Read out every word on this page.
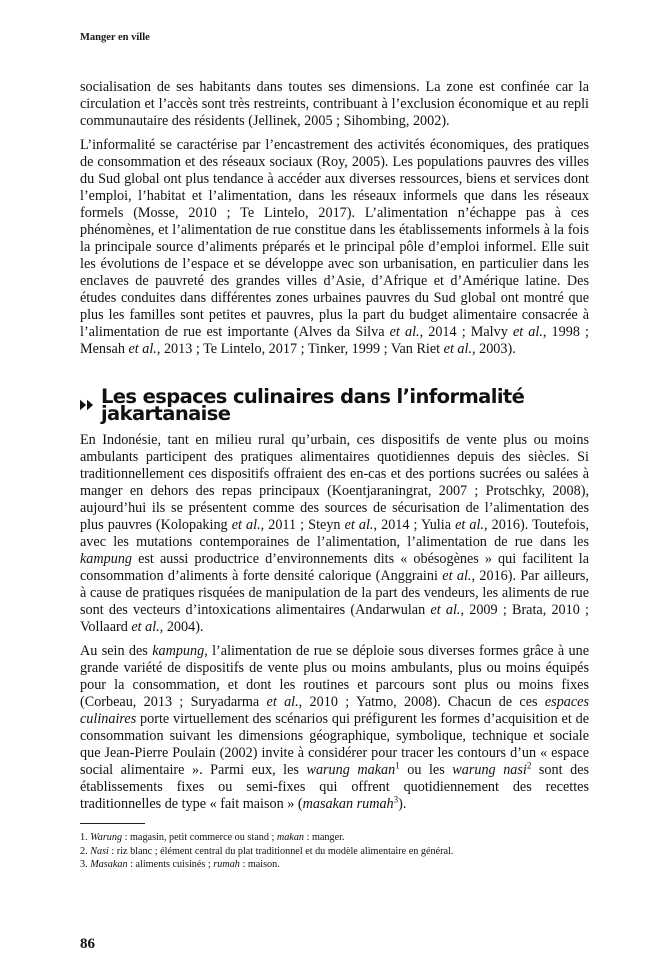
Manger en ville

socialisation de ses habitants dans toutes ses dimensions. La zone est confinée car la circulation et l’accès sont très restreints, contribuant à l’exclusion économique et au repli communautaire des résidents (Jellinek, 2005 ; Sihombing, 2002).

L’informalité se caractérise par l’encastrement des activités économiques, des pratiques de consommation et des réseaux sociaux (Roy, 2005). Les populations pauvres des villes du Sud global ont plus tendance à accéder aux diverses ressources, biens et services dont l’emploi, l’habitat et l’alimentation, dans les réseaux informels que dans les réseaux formels (Mosse, 2010 ; Te Lintelo, 2017). L’alimentation n’échappe pas à ces phénomènes, et l’alimentation de rue constitue dans les établissements informels à la fois la principale source d’aliments préparés et le principal pôle d’emploi informel. Elle suit les évolutions de l’espace et se développe avec son urbanisation, en particulier dans les enclaves de pauvreté des grandes villes d’Asie, d’Afrique et d’Amérique latine. Des études conduites dans différentes zones urbaines pauvres du Sud global ont montré que plus les familles sont petites et pauvres, plus la part du budget alimentaire consacrée à l’alimentation de rue est importante (Alves da Silva et al., 2014 ; Malvy et al., 1998 ; Mensah et al., 2013 ; Te Lintelo, 2017 ; Tinker, 1999 ; Van Riet et al., 2003).

Les espaces culinaires dans l’informalité jakartanaise

En Indonésie, tant en milieu rural qu’urbain, ces dispositifs de vente plus ou moins ambulants participent des pratiques alimentaires quotidiennes depuis des siècles. Si traditionnellement ces dispositifs offraient des en-cas et des portions sucrées ou salées à manger en dehors des repas principaux (Koentjaraningrat, 2007 ; Protschky, 2008), aujourd’hui ils se présentent comme des sources de sécurisation de l’alimentation des plus pauvres (Kolopaking et al., 2011 ; Steyn et al., 2014 ; Yulia et al., 2016). Toutefois, avec les mutations contemporaines de l’alimentation, l’alimentation de rue dans les kampung est aussi productrice d’environnements dits « obésogènes » qui facilitent la consommation d’aliments à forte densité calorique (Anggraini et al., 2016). Par ailleurs, à cause de pratiques risquées de manipulation de la part des vendeurs, les aliments de rue sont des vecteurs d’intoxications alimentaires (Andarwulan et al., 2009 ; Brata, 2010 ; Vollaard et al., 2004).

Au sein des kampung, l’alimentation de rue se déploie sous diverses formes grâce à une grande variété de dispositifs de vente plus ou moins ambulants, plus ou moins équipés pour la consommation, et dont les routines et parcours sont plus ou moins fixes (Corbeau, 2013 ; Suryadarma et al., 2010 ; Yatmo, 2008). Chacun de ces espaces culinaires porte virtuellement des scénarios qui préfigurent les formes d’acquisition et de consommation suivant les dimensions géographique, symbolique, technique et sociale que Jean-Pierre Poulain (2002) invite à considérer pour tracer les contours d’un « espace social alimentaire ». Parmi eux, les warung makan$^1$ ou les warung nasi$^2$ sont des établissements fixes ou semi-fixes qui offrent quotidiennement des recettes traditionnelles de type « fait maison » (masakan rumah$^3$).

1. Warung : magasin, petit commerce ou stand ; makan : manger.
2. Nasi : riz blanc ; élément central du plat traditionnel et du modèle alimentaire en général.
3. Masakan : aliments cuisinés ; rumah : maison.
86
